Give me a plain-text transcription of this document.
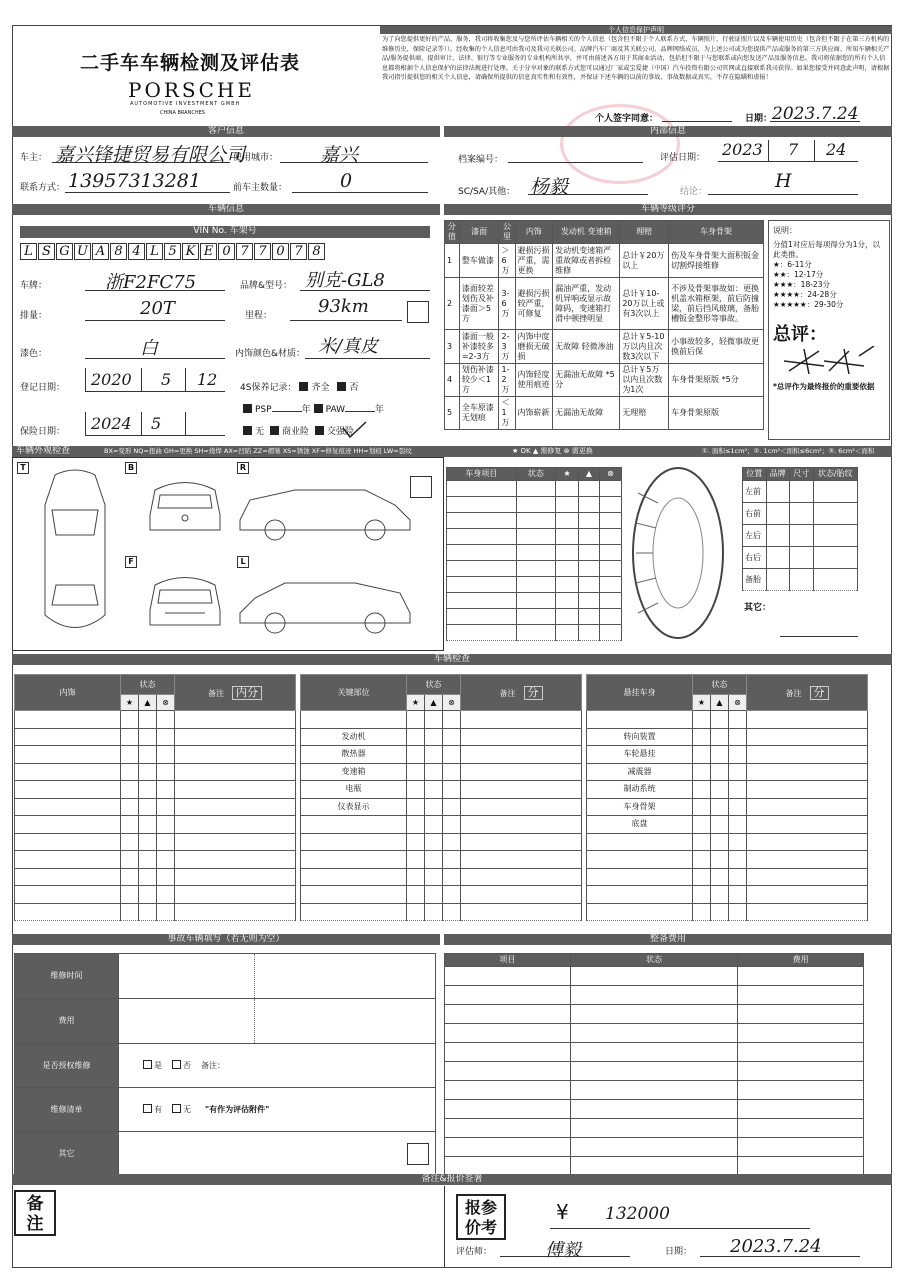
二手车车辆检测及评估表
PORSCHE
AUTOMOTIVE INVESTMENT GMBH
CHINA BRANCHES
个人信息保护声明
为了向您提供更好的产品、服务，我司将收集您及与您所评估车辆相关的个人信息（包含但不限于个人联系方式、车辆照片、行驶证照片以及车辆使用历史（包含但不限于在第三方机构的维修历史，保险记录等））。经收集的个人信息可由我司及我司关联公司、品牌汽车厂商及其关联公司、品牌网络成员、为上述公司或为您提供产品或服务的第三方供应商、所知车辆相关产品/服务提供商、提供审计、法律、银行等专业服务的专业机构所共享，并可由前述各方用于其商业活动，包括但不限于与您联系或向您发送产品及服务信息。我司将依据您的所有个人信息都将根据个人信息保护的法律法规进行处理。关于分享对象的联系方式您可以通过厂家或宝爱捷（中国）汽车投资有限公司官网或直接联系我司获得。如果您接受并同意此声明，请根据我司指引提供您的相关个人信息，请确保所提供的信息真实性和有效性，并保证下述车辆的以前的事故、事故数据或真实，不存在隐瞒和虚报！
个人签字同意：	日期： 2023.7.24
客户信息	内部信息
车主： 嘉兴锋捷贸易有限公司
使用城市： 嘉兴
联系方式： 13957313281	前车主数量：	0
档案编号：	评估日期： 2023 7 24
SC/SA/其他： 杨毅	结论：	H
车辆信息	车辆等级评分
VIN No. 车架号
L S G U A 8 4 L 5 K E 0 7 7 0 7 8
车牌：	浙F2FC75	品牌&型号： 别克-GL8
排量：	20T	里程：	93km
漆色：	白	内饰颜色&材质： 米/真皮
登记日期： 2020 5 12
保险日期： 2024 5
4S保养记录： 齐全 否
PSP	年 PAW	年
无 商业险 交强险
分值	漆面	公里	内饰	发动机 变速箱	理赔	车身骨架
1	整车做漆	＞6万	避损污损严重，需更换	发动机变速箱严重故障或者拆检维修	总计￥20万以上	伤及车身骨架大面积钣金切割焊接维修
2	漆面较差划伤及补漆面＞5方	3-6万	避损污损较严重，可修复	漏油严重，发动机异响或显示故障码，变速箱打滑中顿挫明显	总计￥10-20万以上或有3次以上	不涉及骨架事故如：更换机盖水箱框架，前后防撞梁，前后挡风玻璃，备胎槽钣金整形等事故。
3	漆面一般补漆较多=2-3方	2-3万	内饰中度磨损无破损	无故障 轻微渗油	总计￥5-10万以内且次数3次以下	小事故较多，轻微事故更换前后保
4	划伤补漆较少＜1方	1-2万	内饰轻度使用痕迹	无漏油无故障 *5分	总计￥5万以内且次数为1次	车身骨架原版 *5分
5	全车原漆无划痕	＜1万	内饰崭新	无漏油无故障	无理赔	车身骨架原版
说明：
分值1对应后每项得分为1分，以此类推。
★：6-11分
★★：12-17分
★★★：18-23分
★★★★：24-28分
★★★★★：29-30分
总评：
*总评作为最终报价的重要依据
车辆外观检查	BX=变形 NQ=扭曲 GH=更换 SH=烧焊 AX=凹陷 ZZ=褶皱 XS=锈蚀 XF=修复痕迹 HH=划痕 LW=裂纹	★ OK ▲ 需修复 ⊗ 需更换	①. 面积≤1cm²；②. 1cm²＜面积≤6cm²；③. 6cm²＜面积
T	B	R
F	L
车身项目	状态	★	▲	⊗

					位置	品牌	尺寸	状态/胎纹
左前			
右前			
左后			
右后			
备胎			
其它：
车辆检查
内饰	状态			备注 内分
	★	▲	⊗	

关键部位	状态			备注 分
	★	▲	⊗	

发动机				
散热器				
变速箱				
电瓶				
仪表显示				

悬挂车身	状态			备注 分
	★	▲	⊗	

转向装置				
车轮悬挂				
减震器				
制动系统				
车身骨架				
底盘				

事故车辆填写（若无则为空）	整备费用
维修时间	

费用	

是否授权维修	是 否 备注：
维修清单	有 无 "有作为评估附件"
其它	
项目	状态	费用

备注&报价签署
备注
报参价考
¥ 132000
评估师：	傅毅	日期： 2023.7.24
